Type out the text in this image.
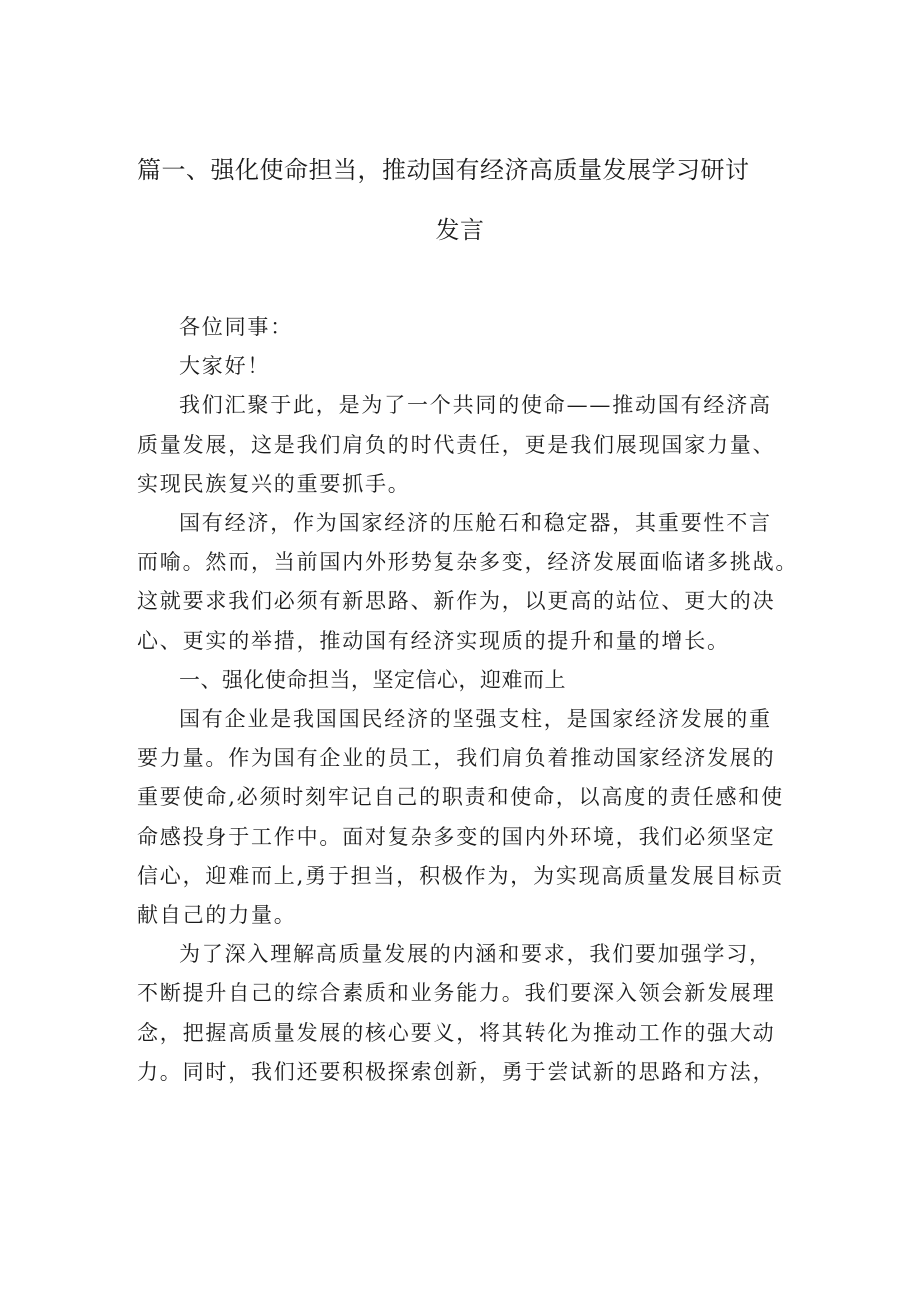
篇一、强化使命担当，推动国有经济高质量发展学习研讨
发言

各位同事：

大家好！

我们汇聚于此，是为了一个共同的使命——推动国有经济高
质量发展，这是我们肩负的时代责任，更是我们展现国家力量、
实现民族复兴的重要抓手。

国有经济，作为国家经济的压舱石和稳定器，其重要性不言
而喻。然而，当前国内外形势复杂多变，经济发展面临诸多挑战。
这就要求我们必须有新思路、新作为，以更高的站位、更大的决
心、更实的举措，推动国有经济实现质的提升和量的增长。

一、强化使命担当，坚定信心，迎难而上

国有企业是我国国民经济的坚强支柱，是国家经济发展的重
要力量。作为国有企业的员工，我们肩负着推动国家经济发展的
重要使命,必须时刻牢记自己的职责和使命，以高度的责任感和使
命感投身于工作中。面对复杂多变的国内外环境，我们必须坚定
信心，迎难而上,勇于担当，积极作为，为实现高质量发展目标贡
献自己的力量。

为了深入理解高质量发展的内涵和要求，我们要加强学习，
不断提升自己的综合素质和业务能力。我们要深入领会新发展理
念，把握高质量发展的核心要义，将其转化为推动工作的强大动
力。同时，我们还要积极探索创新，勇于尝试新的思路和方法，
